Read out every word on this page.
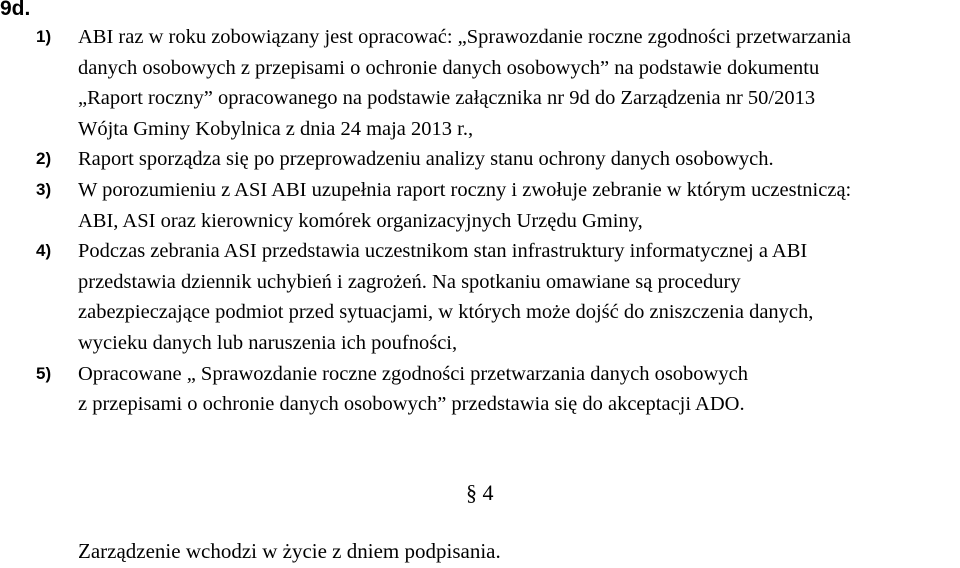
9d.
1) ABI raz w roku zobowiązany jest opracować: „Sprawozdanie roczne zgodności przetwarzania
danych osobowych z przepisami o ochronie danych osobowych” na podstawie dokumentu
„Raport roczny” opracowanego na podstawie załącznika nr 9d do Zarządzenia nr 50/2013
Wójta Gminy Kobylnica z dnia 24 maja 2013 r.,
2) Raport sporządza się po przeprowadzeniu analizy stanu ochrony danych osobowych.
3) W porozumieniu z ASI ABI uzupełnia raport roczny i zwołuje zebranie w którym uczestniczą:
ABI, ASI oraz kierownicy komórek organizacyjnych Urzędu Gminy,
4) Podczas zebrania ASI przedstawia uczestnikom stan infrastruktury informatycznej a ABI
przedstawia dziennik uchybień i zagrożeń. Na spotkaniu omawiane są procedury
zabezpieczające podmiot przed sytuacjami, w których może dojść do zniszczenia danych,
wycieku danych lub naruszenia ich poufności,
5) Opracowane „ Sprawozdanie roczne zgodności przetwarzania danych osobowych
z przepisami o ochronie danych osobowych” przedstawia się do akceptacji ADO.
§ 4
Zarządzenie wchodzi w życie z dniem podpisania.
